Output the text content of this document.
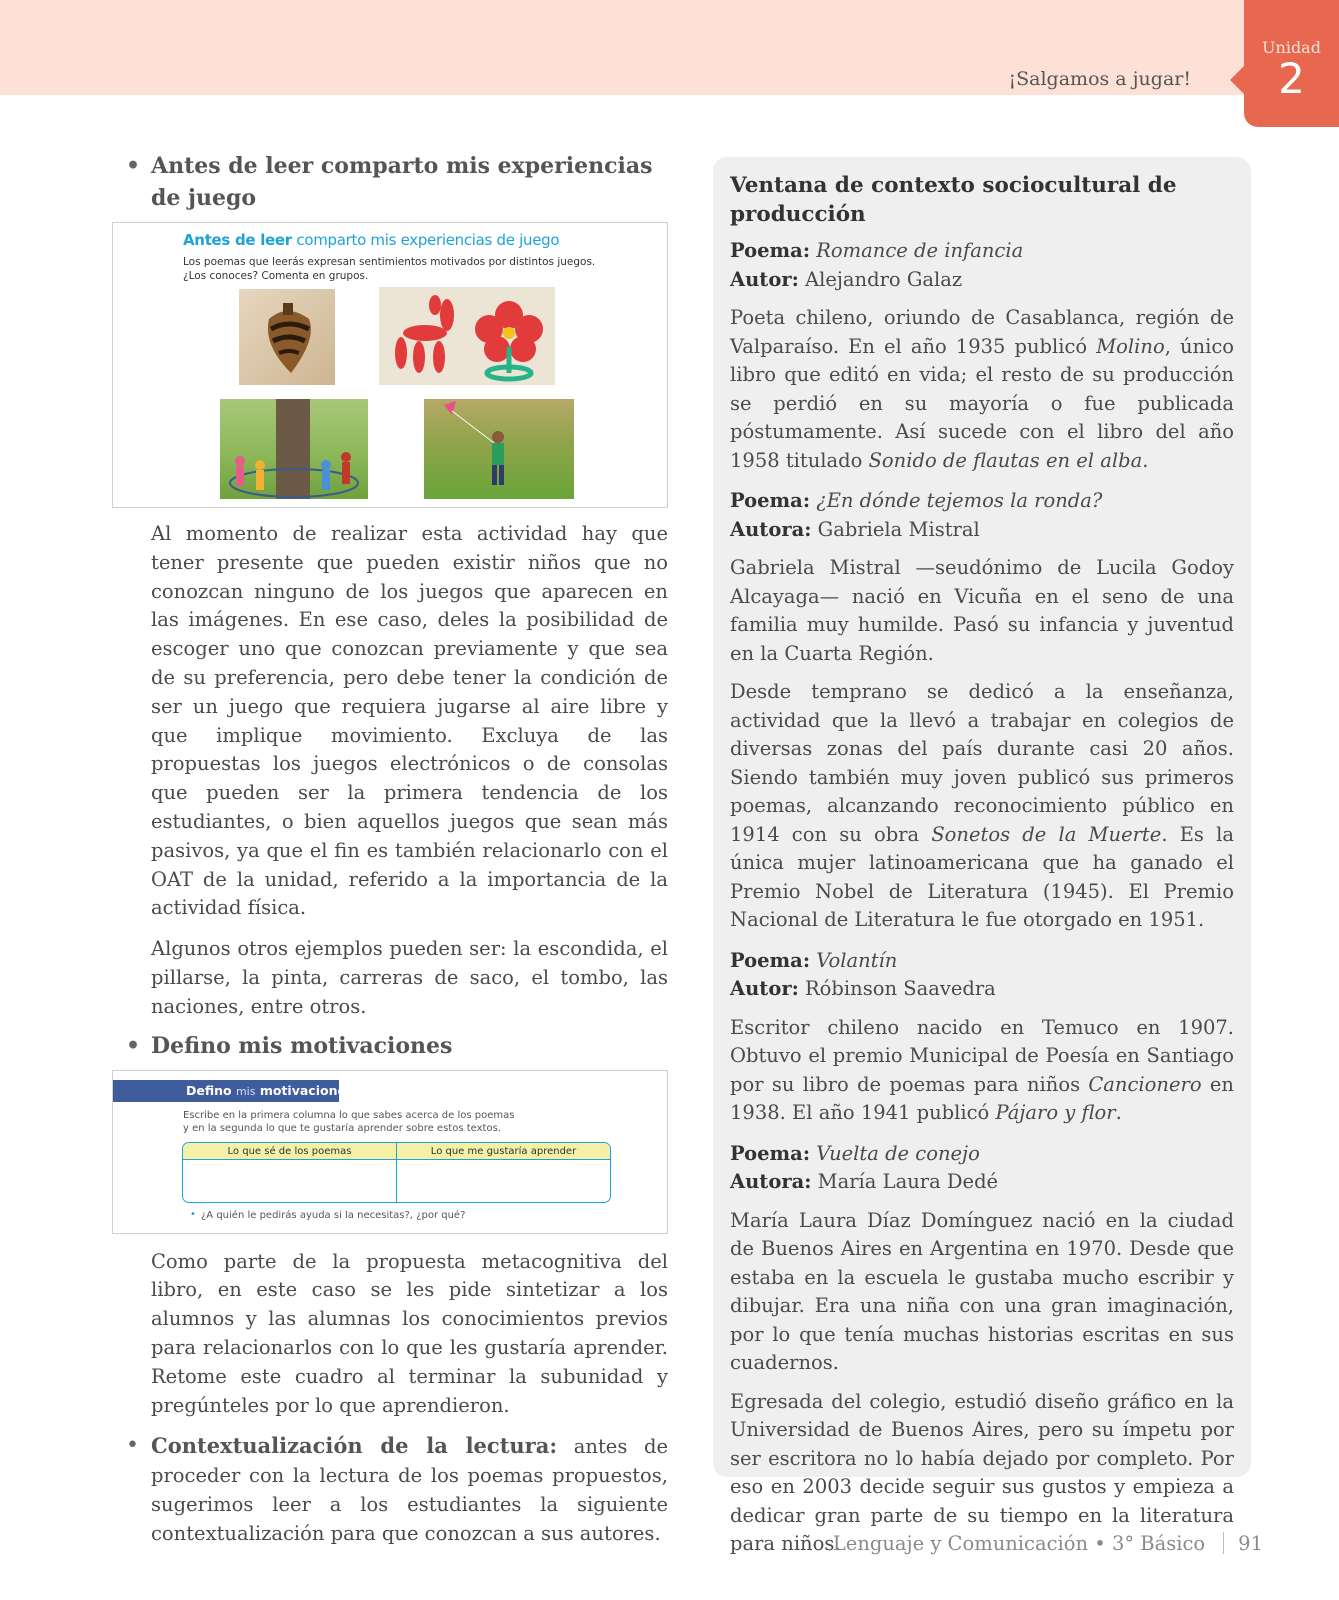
¡Salgamos a jugar!
Unidad
2
• Antes de leer comparto mis experiencias de juego
Antes de leer comparto mis experiencias de juego
Los poemas que leerás expresan sentimientos motivados por distintos juegos.
¿Los conoces? Comenta en grupos.
Al momento de realizar esta actividad hay que tener presente que pueden existir niños que no conozcan ninguno de los juegos que aparecen en las imágenes. En ese caso, deles la posibilidad de escoger uno que conozcan previamente y que sea de su preferencia, pero debe tener la condición de ser un juego que requiera jugarse al aire libre y que implique movimiento. Excluya de las propuestas los juegos electrónicos o de consolas que pueden ser la primera tendencia de los estudiantes, o bien aquellos juegos que sean más pasivos, ya que el fin es también relacionarlo con el OAT de la unidad, referido a la importancia de la actividad física.
Algunos otros ejemplos pueden ser: la escondida, el pillarse, la pinta, carreras de saco, el tombo, las naciones, entre otros.
• Defino mis motivaciones
Defino mis motivaciones
Escribe en la primera columna lo que sabes acerca de los poemas
y en la segunda lo que te gustaría aprender sobre estos textos.
Lo que sé de los poemas	Lo que me gustaría aprender
• ¿A quién le pedirás ayuda si la necesitas?, ¿por qué?
Como parte de la propuesta metacognitiva del libro, en este caso se les pide sintetizar a los alumnos y las alumnas los conocimientos previos para relacionarlos con lo que les gustaría aprender. Retome este cuadro al terminar la subunidad y pregúnteles por lo que aprendieron.
• Contextualización de la lectura: antes de proceder con la lectura de los poemas propuestos, sugerimos leer a los estudiantes la siguiente contextualización para que conozcan a sus autores.
Ventana de contexto sociocultural de producción
Poema: Romance de infancia
Autor: Alejandro Galaz
Poeta chileno, oriundo de Casablanca, región de Valparaíso. En el año 1935 publicó Molino, único libro que editó en vida; el resto de su producción se perdió en su mayoría o fue publicada póstumamente. Así sucede con el libro del año 1958 titulado Sonido de flautas en el alba.
Poema: ¿En dónde tejemos la ronda?
Autora: Gabriela Mistral
Gabriela Mistral —seudónimo de Lucila Godoy Alcayaga— nació en Vicuña en el seno de una familia muy humilde. Pasó su infancia y juventud en la Cuarta Región.
Desde temprano se dedicó a la enseñanza, actividad que la llevó a trabajar en colegios de diversas zonas del país durante casi 20 años. Siendo también muy joven publicó sus primeros poemas, alcanzando reconocimiento público en 1914 con su obra Sonetos de la Muerte. Es la única mujer latinoamericana que ha ganado el Premio Nobel de Literatura (1945). El Premio Nacional de Literatura le fue otorgado en 1951.
Poema: Volantín
Autor: Róbinson Saavedra
Escritor chileno nacido en Temuco en 1907. Obtuvo el premio Municipal de Poesía en Santiago por su libro de poemas para niños Cancionero en 1938. El año 1941 publicó Pájaro y flor.
Poema: Vuelta de conejo
Autora: María Laura Dedé
María Laura Díaz Domínguez nació en la ciudad de Buenos Aires en Argentina en 1970. Desde que estaba en la escuela le gustaba mucho escribir y dibujar. Era una niña con una gran imaginación, por lo que tenía muchas historias escritas en sus cuadernos.
Egresada del colegio, estudió diseño gráfico en la Universidad de Buenos Aires, pero su ímpetu por ser escritora no lo había dejado por completo. Por eso en 2003 decide seguir sus gustos y empieza a dedicar gran parte de su tiempo en la literatura para niños.
Lenguaje y Comunicación • 3° Básico 91
